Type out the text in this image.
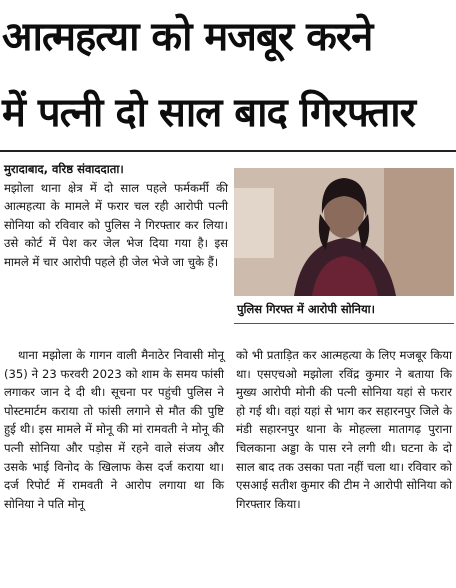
आत्महत्या को मजबूर करने
में पत्नी दो साल बाद गिरफ्तार

मुरादाबाद, वरिष्ठ संवाददाता।

मझोला थाना क्षेत्र में दो साल पहले फर्मकर्मी की आत्महत्या के मामले में फरार चल रही आरोपी पत्नी सोनिया को रविवार को पुलिस ने गिरफ्तार कर लिया। उसे कोर्ट में पेश कर जेल भेज दिया गया है। इस मामले में चार आरोपी पहले ही जेल भेजे जा चुके हैं।

पुलिस गिरफ्त में आरोपी सोनिया।

थाना मझोला के गागन वाली मैनाठेर निवासी मोनू (35) ने 23 फरवरी 2023 को शाम के समय फांसी लगाकर जान दे दी थी। सूचना पर पहुंची पुलिस ने पोस्टमार्टम कराया तो फांसी लगाने से मौत की पुष्टि हुई थी। इस मामले में मोनू की मां रामवती ने मोनू की पत्नी सोनिया और पड़ोस में रहने वाले संजय और उसके भाई विनोद के खिलाफ केस दर्ज कराया था। दर्ज रिपोर्ट में रामवती ने आरोप लगाया था कि सोनिया ने पति मोनू

को भी प्रताड़ित कर आत्महत्या के लिए मजबूर किया था। एसएचओ मझोला रविंद्र कुमार ने बताया कि मुख्य आरोपी मोनी की पत्नी सोनिया यहां से फरार हो गई थी। वहां यहां से भाग कर सहारनपुर जिले के मंडी सहारनपुर थाना के मोहल्ला मातागढ़ पुराना चिलकाना अड्डा के पास रने लगी थी। घटना के दो साल बाद तक उसका पता नहीं चला था। रविवार को एसआई सतीश कुमार की टीम ने आरोपी सोनिया को गिरफ्तार किया।
